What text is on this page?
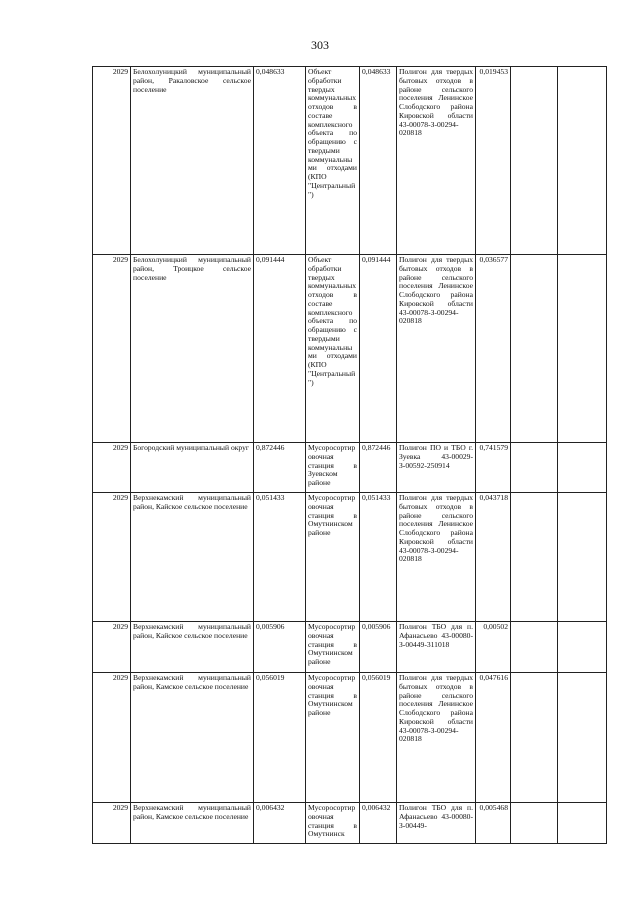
303
2029	Белохолуницкий муниципальный район, Ракаловское сельское поселение	0,048633	Объект обработки твердых коммунальных отходов в составе комплексного объекта по обращению с твердыми коммунальными отходами (КПО "Центральный")	0,048633	Полигон для твердых бытовых отходов в районе сельского поселения Ленинское Слободского района Кировской области 43-00078-З-00294-020818	0,019453		
2029	Белохолуницкий муниципальный район, Троицкое сельское поселение	0,091444	Объект обработки твердых коммунальных отходов в составе комплексного объекта по обращению с твердыми коммунальными отходами (КПО "Центральный")	0,091444	Полигон для твердых бытовых отходов в районе сельского поселения Ленинское Слободского района Кировской области 43-00078-З-00294-020818	0,036577		
2029	Богородский муниципальный округ	0,872446	Мусоросортировочная станция в Зуевском районе	0,872446	Полигон ПО и ТБО г. Зуевка 43-00029-З-00592-250914	0,741579		
2029	Верхнекамский муниципальный район, Кайское сельское поселение	0,051433	Мусоросортировочная станция в Омутнинском районе	0,051433	Полигон для твердых бытовых отходов в районе сельского поселения Ленинское Слободского района Кировской области 43-00078-З-00294-020818	0,043718		
2029	Верхнекамский муниципальный район, Кайское сельское поселение	0,005906	Мусоросортировочная станция в Омутнинском районе	0,005906	Полигон ТБО для п. Афанасьево 43-00080-З-00449-311018	0,00502		
2029	Верхнекамский муниципальный район, Камское сельское поселение	0,056019	Мусоросортировочная станция в Омутнинском районе	0,056019	Полигон для твердых бытовых отходов в районе сельского поселения Ленинское Слободского района Кировской области 43-00078-З-00294-020818	0,047616		
2029	Верхнекамский муниципальный район, Камское сельское поселение	0,006432	Мусоросортировочная станция в Омутнинск	0,006432	Полигон ТБО для п. Афанасьево 43-00080-З-00449-	0,005468		
